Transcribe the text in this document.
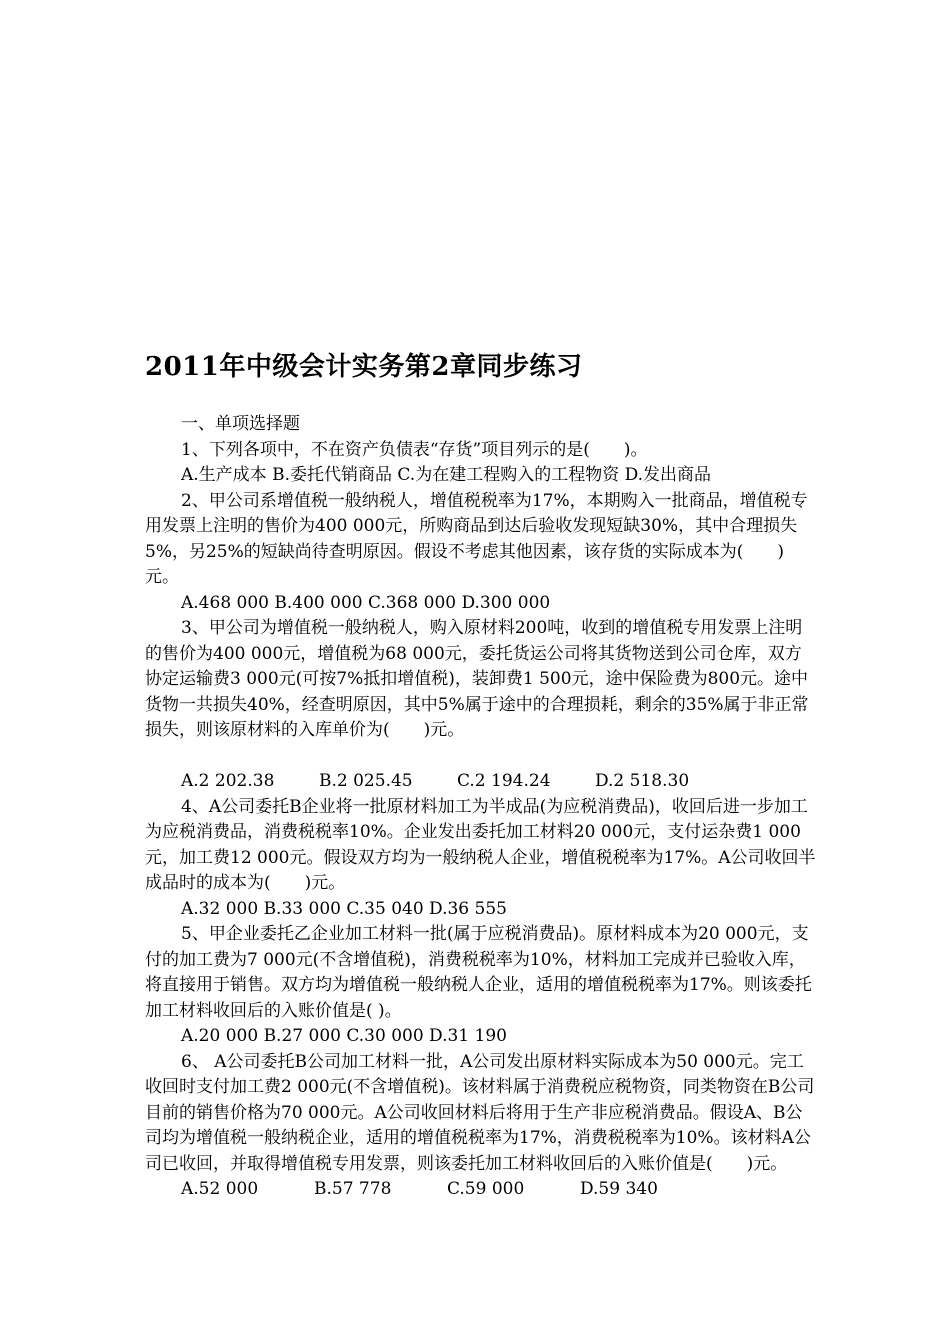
2011年中级会计实务第2章同步练习

一、单项选择题

1、下列各项中，不在资产负债表“存货”项目列示的是(　　)。

A.生产成本 B.委托代销商品 C.为在建工程购入的工程物资 D.发出商品

2、甲公司系增值税一般纳税人，增值税税率为17%，本期购入一批商品，增值税专用发票上注明的售价为400 000元，所购商品到达后验收发现短缺30%，其中合理损失5%，另25%的短缺尚待查明原因。假设不考虑其他因素，该存货的实际成本为(　　)元。

A.468 000 B.400 000 C.368 000 D.300 000

3、甲公司为增值税一般纳税人，购入原材料200吨，收到的增值税专用发票上注明的售价为400 000元，增值税为68 000元，委托货运公司将其货物送到公司仓库，双方协定运输费3 000元(可按7%抵扣增值税)，装卸费1 500元，途中保险费为800元。途中货物一共损失40%，经查明原因，其中5%属于途中的合理损耗，剩余的35%属于非正常损失，则该原材料的入库单价为(　　)元。

A.2 202.38	B.2 025.45	C.2 194.24	D.2 518.30

4、A公司委托B企业将一批原材料加工为半成品(为应税消费品)，收回后进一步加工为应税消费品，消费税税率10%。企业发出委托加工材料20 000元，支付运杂费1 000元，加工费12 000元。假设双方均为一般纳税人企业，增值税税率为17%。A公司收回半成品时的成本为(　　)元。

A.32 000 B.33 000 C.35 040 D.36 555

5、甲企业委托乙企业加工材料一批(属于应税消费品)。原材料成本为20 000元，支付的加工费为7 000元(不含增值税)，消费税税率为10%，材料加工完成并已验收入库，将直接用于销售。双方均为增值税一般纳税人企业，适用的增值税税率为17%。则该委托加工材料收回后的入账价值是( )。

A.20 000 B.27 000 C.30 000 D.31 190

6、 A公司委托B公司加工材料一批，A公司发出原材料实际成本为50 000元。完工收回时支付加工费2 000元(不含增值税)。该材料属于消费税应税物资，同类物资在B公司目前的销售价格为70 000元。A公司收回材料后将用于生产非应税消费品。假设A、B公司均为增值税一般纳税企业，适用的增值税税率为17%，消费税税率为10%。该材料A公司已收回，并取得增值税专用发票，则该委托加工材料收回后的入账价值是(　　)元。

A.52 000	B.57 778	C.59 000	D.59 340
